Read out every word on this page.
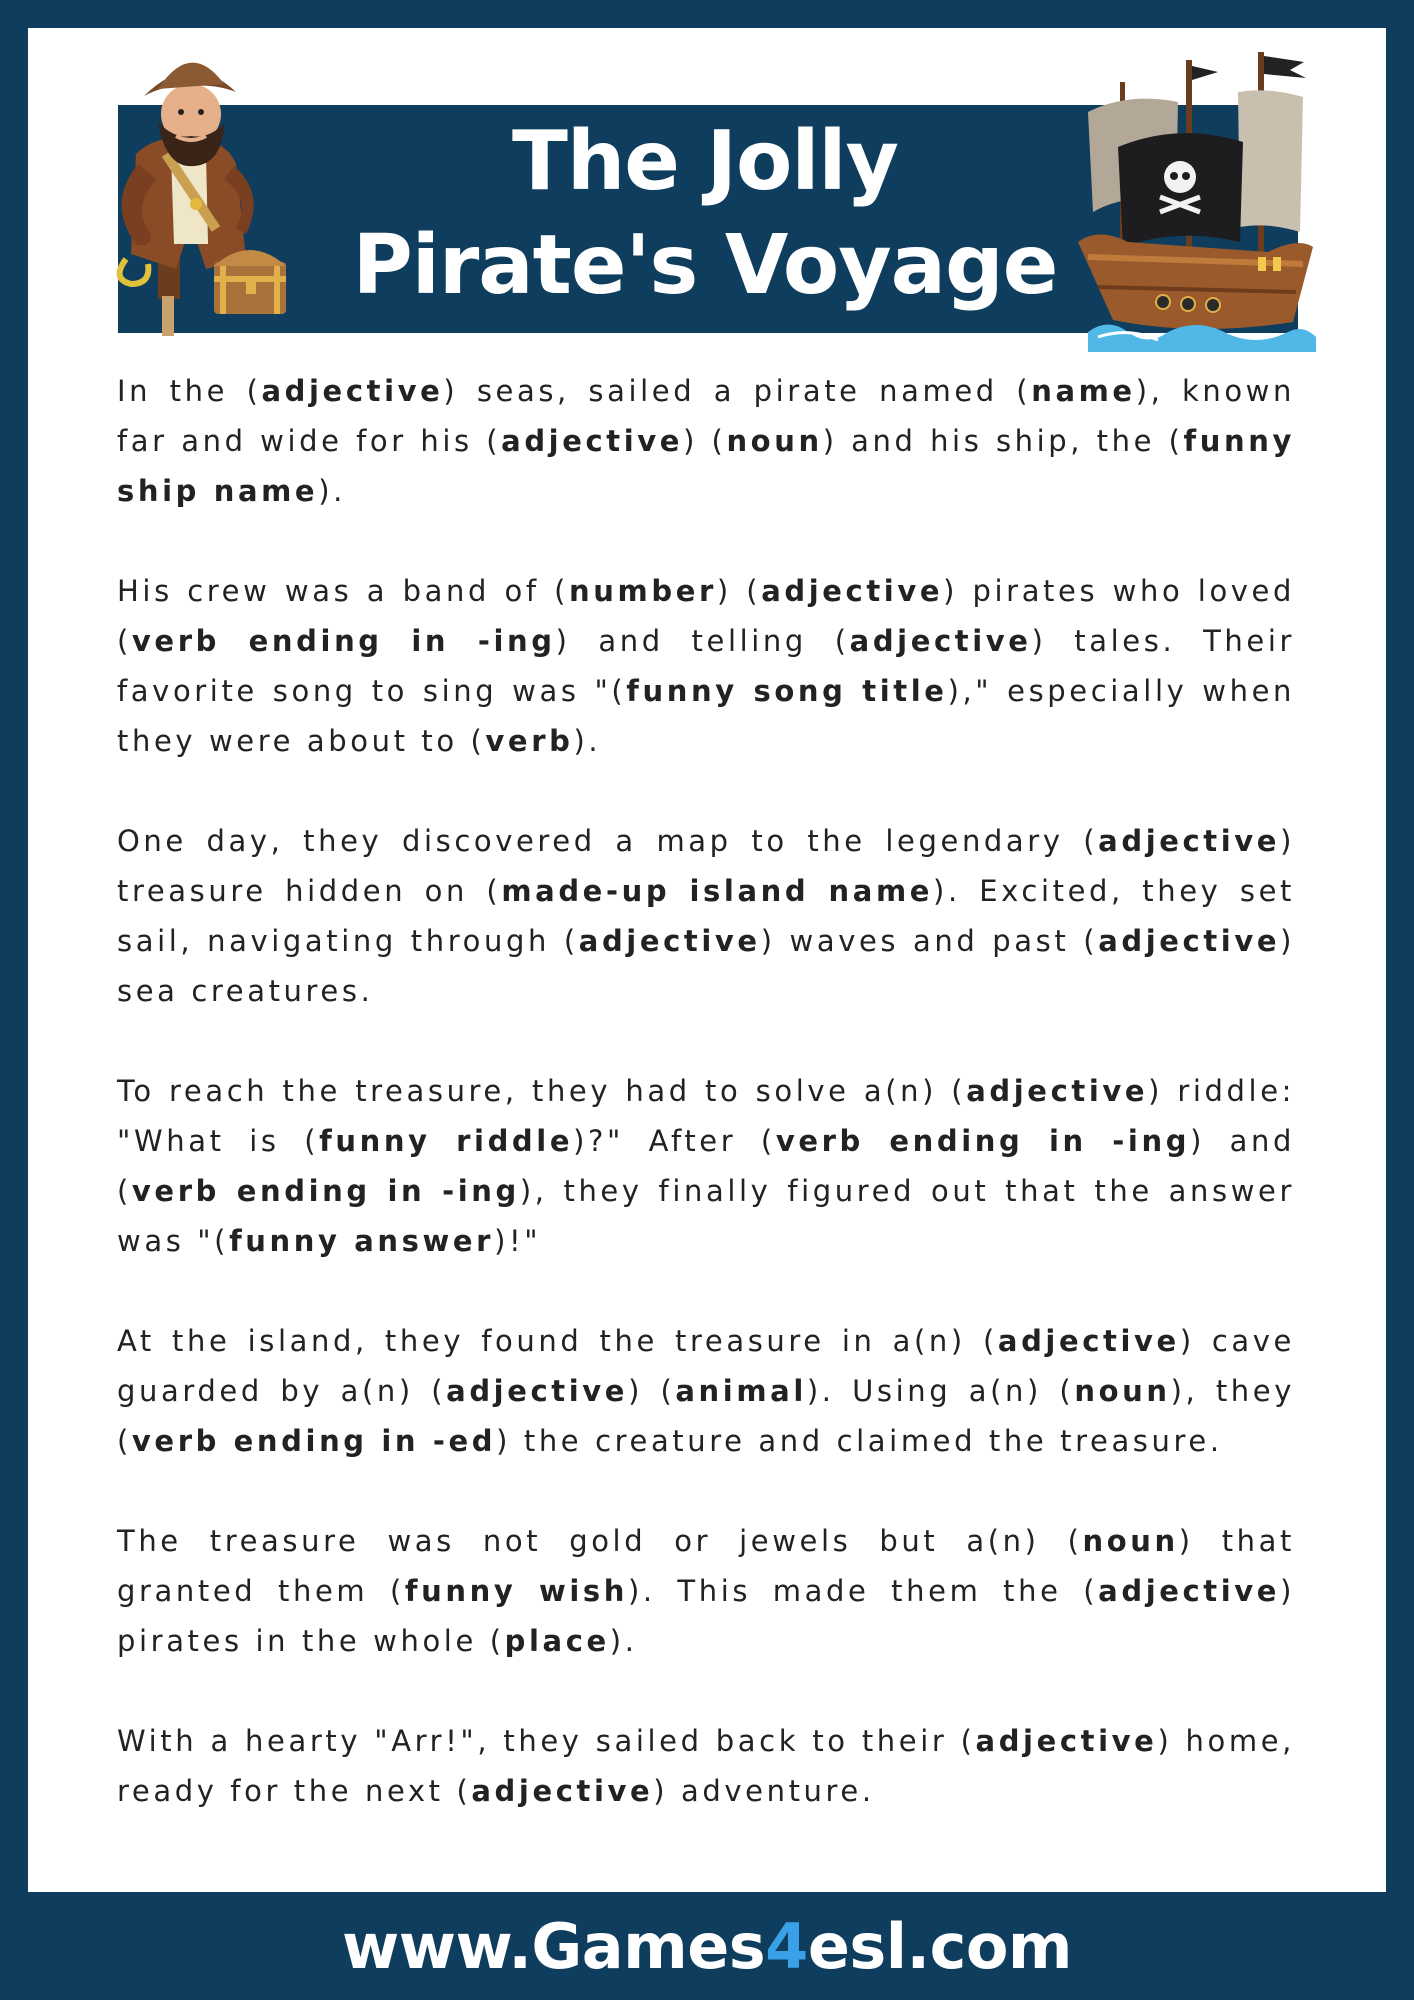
The Jolly
Pirate's Voyage

In the (adjective) seas, sailed a pirate named (name), known far and wide for his (adjective) (noun) and his ship, the (funny ship name).

His crew was a band of (number) (adjective) pirates who loved (verb ending in -ing) and telling (adjective) tales. Their favorite song to sing was "(funny song title)," especially when they were about to (verb).

One day, they discovered a map to the legendary (adjective) treasure hidden on (made-up island name). Excited, they set sail, navigating through (adjective) waves and past (adjective) sea creatures.

To reach the treasure, they had to solve a(n) (adjective) riddle: "What is (funny riddle)?" After (verb ending in -ing) and (verb ending in -ing), they finally figured out that the answer was "(funny answer)!"

At the island, they found the treasure in a(n) (adjective) cave guarded by a(n) (adjective) (animal). Using a(n) (noun), they (verb ending in -ed) the creature and claimed the treasure.

The treasure was not gold or jewels but a(n) (noun) that granted them (funny wish). This made them the (adjective) pirates in the whole (place).

With a hearty "Arr!", they sailed back to their (adjective) home, ready for the next (adjective) adventure.

www.Games4esl.com
